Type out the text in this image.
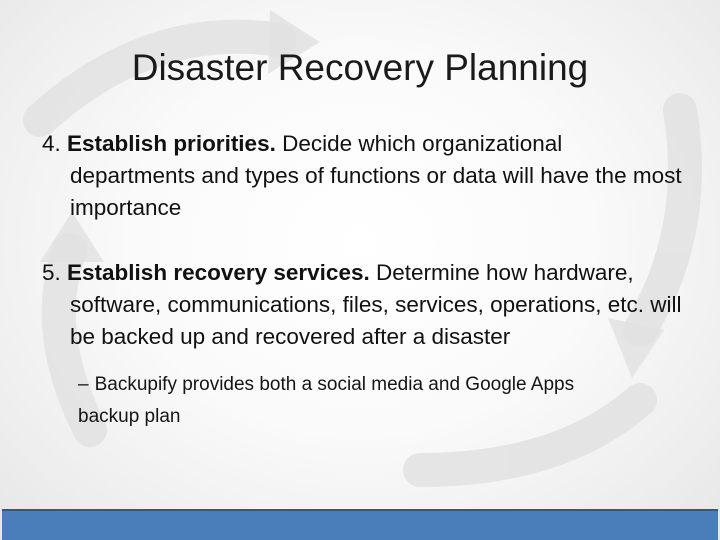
Disaster Recovery Planning
4. Establish priorities. Decide which organizational departments and types of functions or data will have the most importance
5. Establish recovery services. Determine how hardware, software, communications, files, services, operations, etc. will be backed up and recovered after a disaster
– Backupify provides both a social media and Google Apps backup plan
